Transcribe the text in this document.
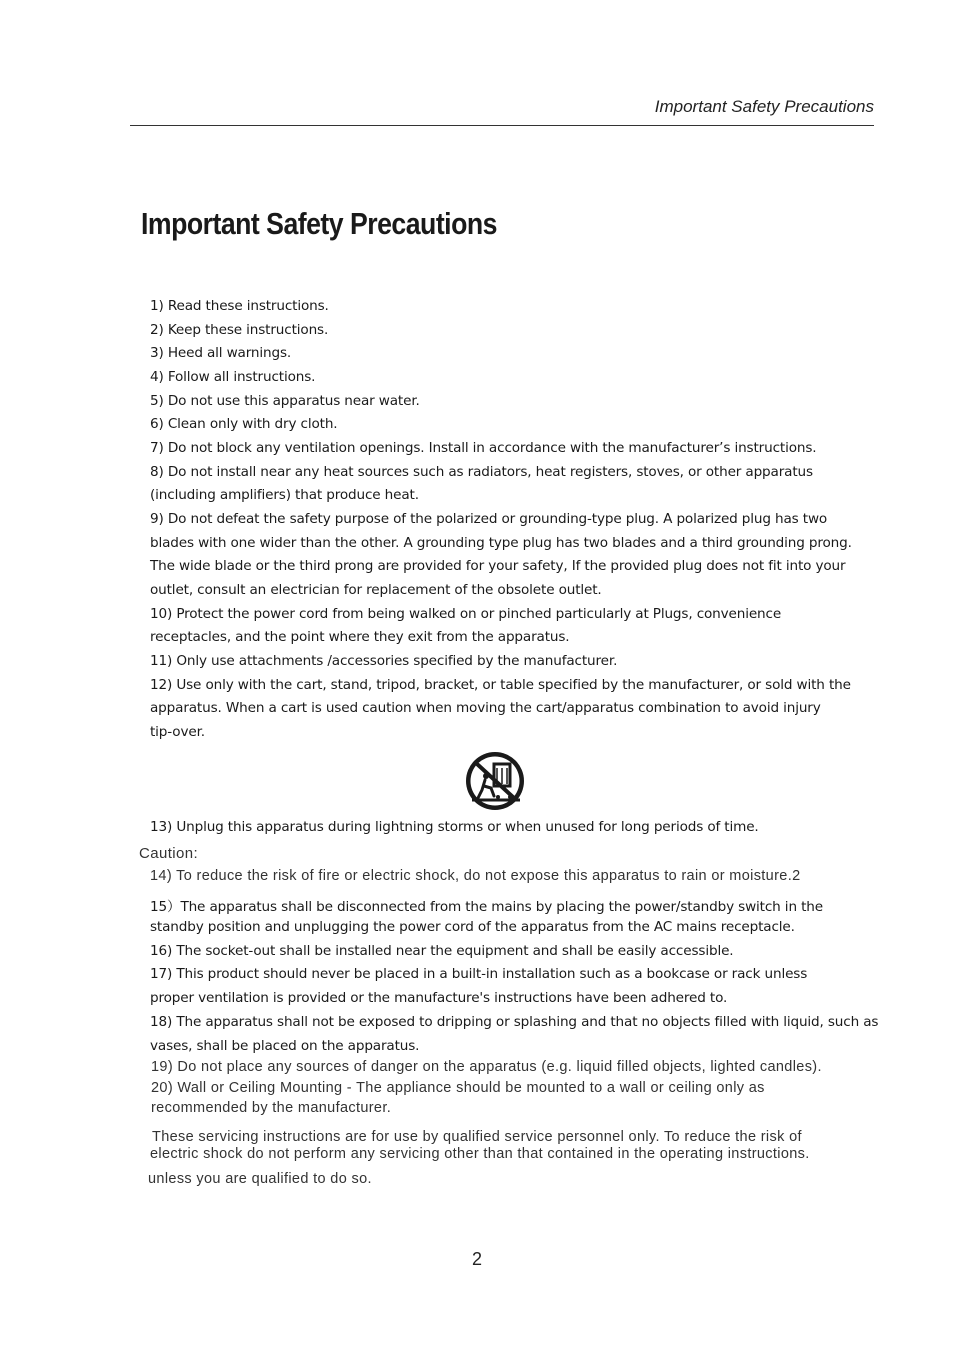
Important Safety Precautions
Important Safety Precautions
1) Read these instructions.
2) Keep these instructions.
3) Heed all warnings.
4) Follow all instructions.
5) Do not use this apparatus near water.
6) Clean only with dry cloth.
7) Do not block any ventilation openings. Install in accordance with the manufacturer’s instructions.
8) Do not install near any heat sources such as radiators, heat registers, stoves, or other apparatus
(including amplifiers) that produce heat.
9) Do not defeat the safety purpose of the polarized or grounding-type plug. A polarized plug has two
blades with one wider than the other. A grounding type plug has two blades and a third grounding prong.
The wide blade or the third prong are provided for your safety, If the provided plug does not fit into your
outlet, consult an electrician for replacement of the obsolete outlet.
10) Protect the power cord from being walked on or pinched particularly at Plugs, convenience
receptacles, and the point where they exit from the apparatus.
11) Only use attachments /accessories specified by the manufacturer.
12) Use only with the cart, stand, tripod, bracket, or table specified by the manufacturer, or sold with the
apparatus. When a cart is used caution when moving the cart/apparatus combination to avoid injury
tip-over.
13) Unplug this apparatus during lightning storms or when unused for long periods of time.
Caution:
14) To reduce the risk of fire or electric shock, do not expose this apparatus to rain or moisture.2
15）The apparatus shall be disconnected from the mains by placing the power/standby switch in the
standby position and unplugging the power cord of the apparatus from the AC mains receptacle.
16) The socket-out shall be installed near the equipment and shall be easily accessible.
17) This product should never be placed in a built-in installation such as a bookcase or rack unless
proper ventilation is provided or the manufacture's instructions have been adhered to.
18) The apparatus shall not be exposed to dripping or splashing and that no objects filled with liquid, such as
vases, shall be placed on the apparatus.
19) Do not place any sources of danger on the apparatus (e.g. liquid filled objects, lighted candles).
20) Wall or Ceiling Mounting - The appliance should be mounted to a wall or ceiling only as
recommended by the manufacturer.
These servicing instructions are for use by qualified service personnel only. To reduce the risk of
electric shock do not perform any servicing other than that contained in the operating instructions.
unless you are qualified to do so.
2
